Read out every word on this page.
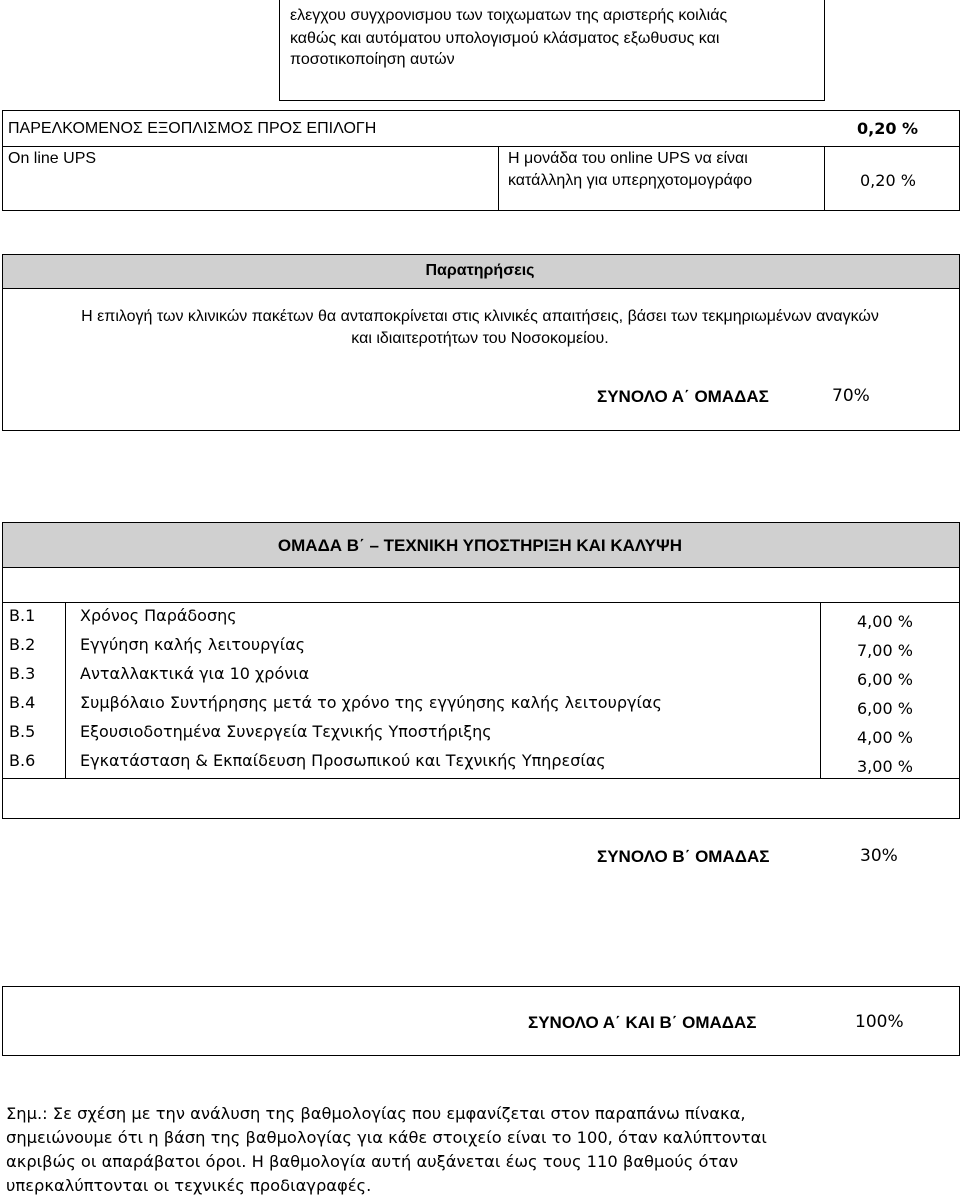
ελεγχου συγχρονισμου των τοιχωματων της αριστερής κοιλιάς
καθώς και αυτόματου υπολογισμού κλάσματος εξωθυσυς και
ποσοτικοποίηση αυτών
ΠΑΡΕΛΚΟΜΕΝΟΣ ΕΞΟΠΛΙΣΜΟΣ ΠΡΟΣ ΕΠΙΛΟΓΗ	0,20 %
On line UPS	Η μονάδα του online UPS να είναι
κατάλληλη για υπερηχοτομογράφο	0,20 %
Παρατηρήσεις
Η επιλογή των κλινικών πακέτων θα ανταποκρίνεται στις κλινικές απαιτήσεις, βάσει των τεκμηριωμένων αναγκών
και ιδιαιτεροτήτων του Νοσοκομείου.
ΣΥΝΟΛΟ Α΄ ΟΜΑΔΑΣ	70%
ΟΜΑΔΑ Β΄ – ΤΕΧΝΙΚΗ ΥΠΟΣΤΗΡΙΞΗ ΚΑΙ ΚΑΛΥΨΗ
B.1	Χρόνος Παράδοσης	4,00 %
B.2	Εγγύηση καλής λειτουργίας	7,00 %
B.3	Ανταλλακτικά για 10 χρόνια	6,00 %
B.4	Συμβόλαιο Συντήρησης μετά το χρόνο της εγγύησης καλής λειτουργίας	6,00 %
B.5	Εξουσιοδοτημένα Συνεργεία Τεχνικής Υποστήριξης	4,00 %
B.6	Εγκατάσταση & Εκπαίδευση Προσωπικού και Τεχνικής Υπηρεσίας	3,00 %
ΣΥΝΟΛΟ Β΄ ΟΜΑΔΑΣ	30%
ΣΥΝΟΛΟ Α΄ ΚΑΙ Β΄ ΟΜΑΔΑΣ	100%
Σημ.: Σε σχέση με την ανάλυση της βαθμολογίας που εμφανίζεται στον παραπάνω πίνακα,
σημειώνουμε ότι η βάση της βαθμολογίας για κάθε στοιχείο είναι το 100, όταν καλύπτονται
ακριβώς οι απαράβατοι όροι. Η βαθμολογία αυτή αυξάνεται έως τους 110 βαθμούς όταν
υπερκαλύπτονται οι τεχνικές προδιαγραφές.
